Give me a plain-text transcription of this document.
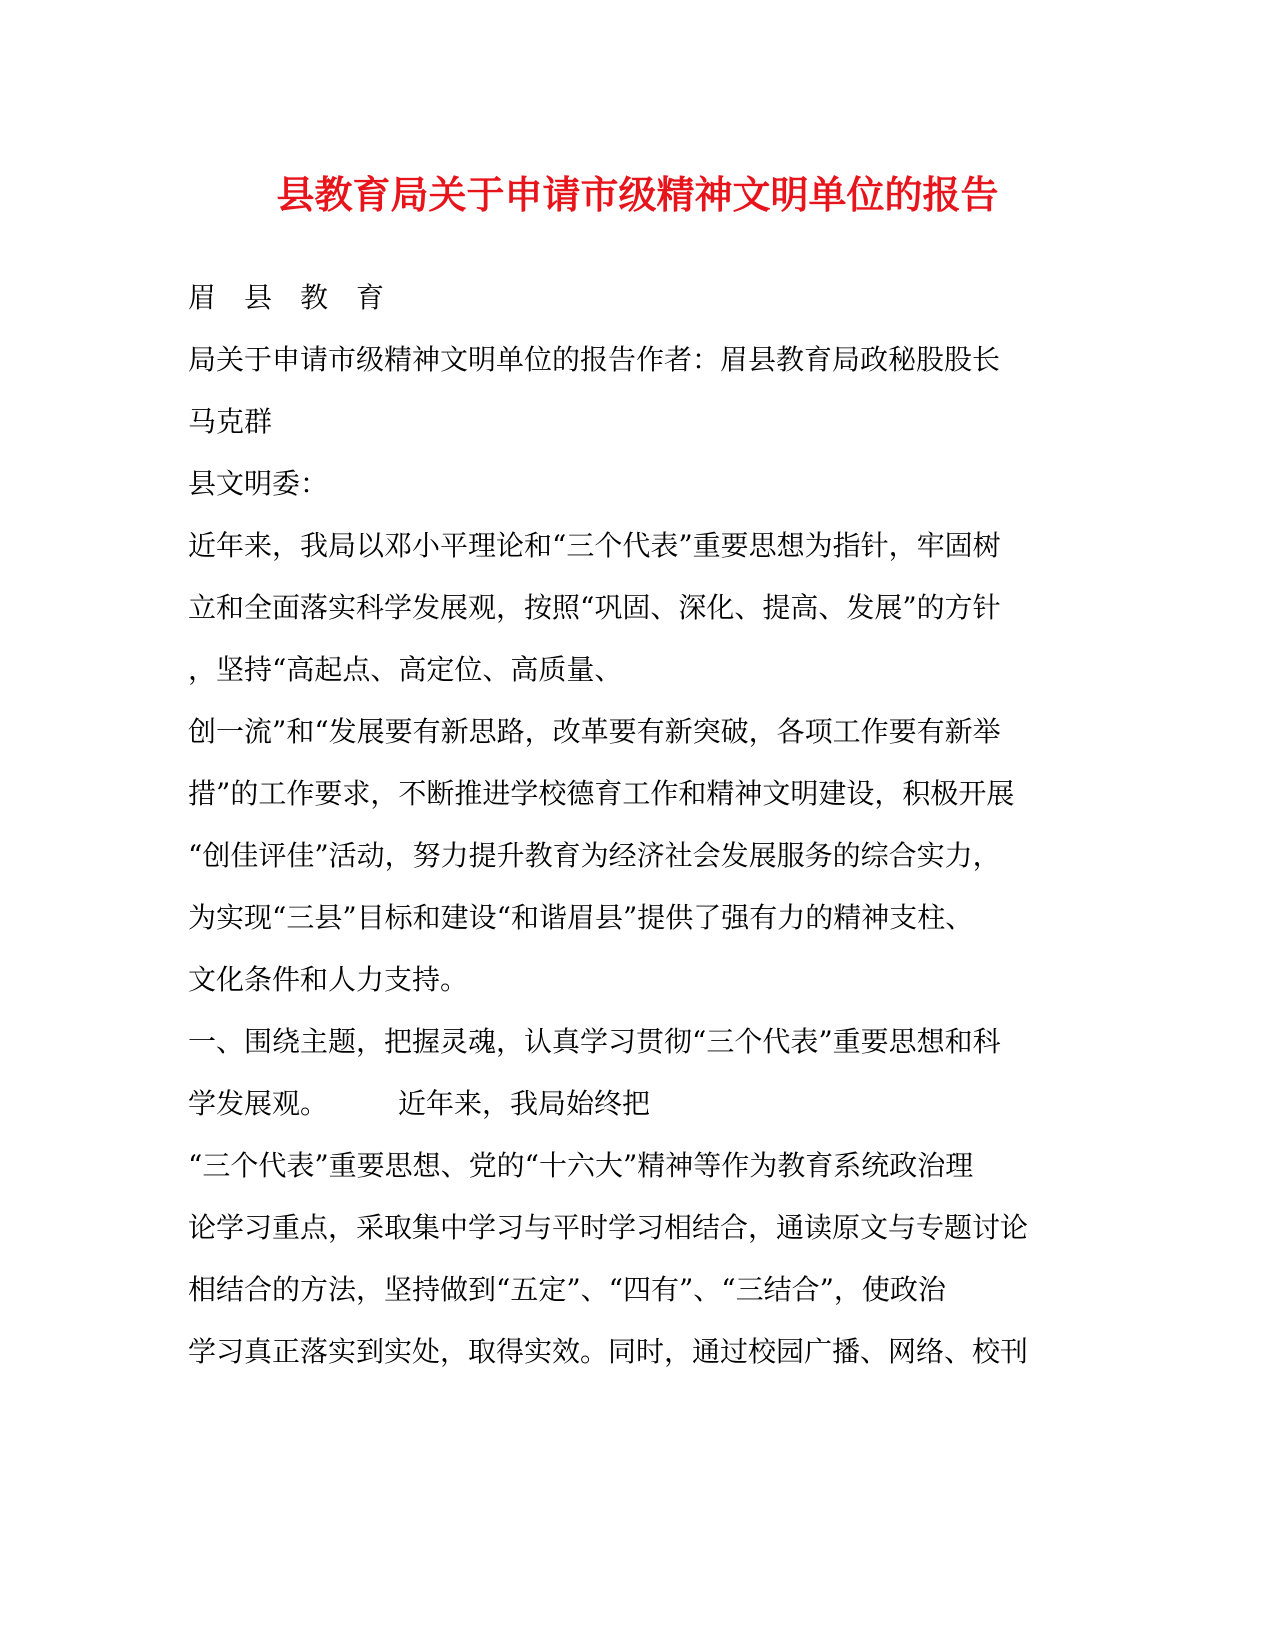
县教育局关于申请市级精神文明单位的报告
眉　县　教　育
局关于申请市级精神文明单位的报告作者：眉县教育局政秘股股长
马克群
县文明委：
近年来，我局以邓小平理论和“三个代表”重要思想为指针，牢固树
立和全面落实科学发展观，按照“巩固、深化、提高、发展”的方针
，坚持“高起点、高定位、高质量、
创一流”和“发展要有新思路，改革要有新突破，各项工作要有新举
措”的工作要求，不断推进学校德育工作和精神文明建设，积极开展
“创佳评佳”活动，努力提升教育为经济社会发展服务的综合实力，
为实现“三县”目标和建设“和谐眉县”提供了强有力的精神支柱、
文化条件和人力支持。
一、围绕主题，把握灵魂，认真学习贯彻“三个代表”重要思想和科
学发展观。　　　近年来，我局始终把
“三个代表”重要思想、党的“十六大”精神等作为教育系统政治理
论学习重点，采取集中学习与平时学习相结合，通读原文与专题讨论
相结合的方法，坚持做到“五定”、“四有”、“三结合”，使政治
学习真正落实到实处，取得实效。同时，通过校园广播、网络、校刊
